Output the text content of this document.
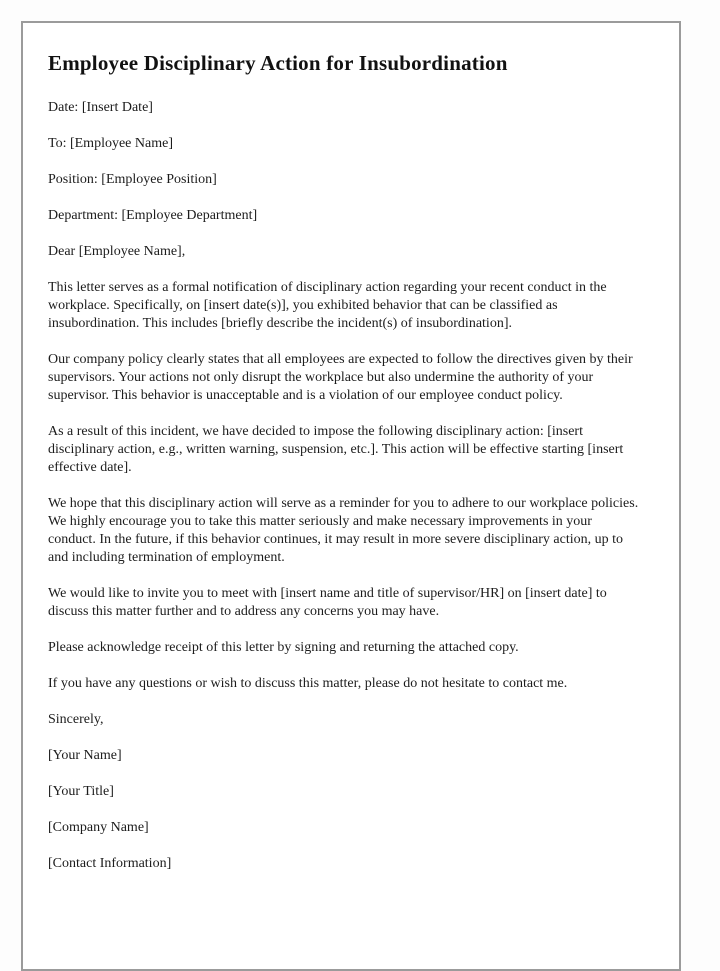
Employee Disciplinary Action for Insubordination

Date: [Insert Date]

To: [Employee Name]

Position: [Employee Position]

Department: [Employee Department]

Dear [Employee Name],

This letter serves as a formal notification of disciplinary action regarding your recent conduct in the workplace. Specifically, on [insert date(s)], you exhibited behavior that can be classified as insubordination. This includes [briefly describe the incident(s) of insubordination].

Our company policy clearly states that all employees are expected to follow the directives given by their supervisors. Your actions not only disrupt the workplace but also undermine the authority of your supervisor. This behavior is unacceptable and is a violation of our employee conduct policy.

As a result of this incident, we have decided to impose the following disciplinary action: [insert disciplinary action, e.g., written warning, suspension, etc.]. This action will be effective starting [insert effective date].

We hope that this disciplinary action will serve as a reminder for you to adhere to our workplace policies. We highly encourage you to take this matter seriously and make necessary improvements in your conduct. In the future, if this behavior continues, it may result in more severe disciplinary action, up to and including termination of employment.

We would like to invite you to meet with [insert name and title of supervisor/HR] on [insert date] to discuss this matter further and to address any concerns you may have.

Please acknowledge receipt of this letter by signing and returning the attached copy.

If you have any questions or wish to discuss this matter, please do not hesitate to contact me.

Sincerely,

[Your Name]

[Your Title]

[Company Name]

[Contact Information]
